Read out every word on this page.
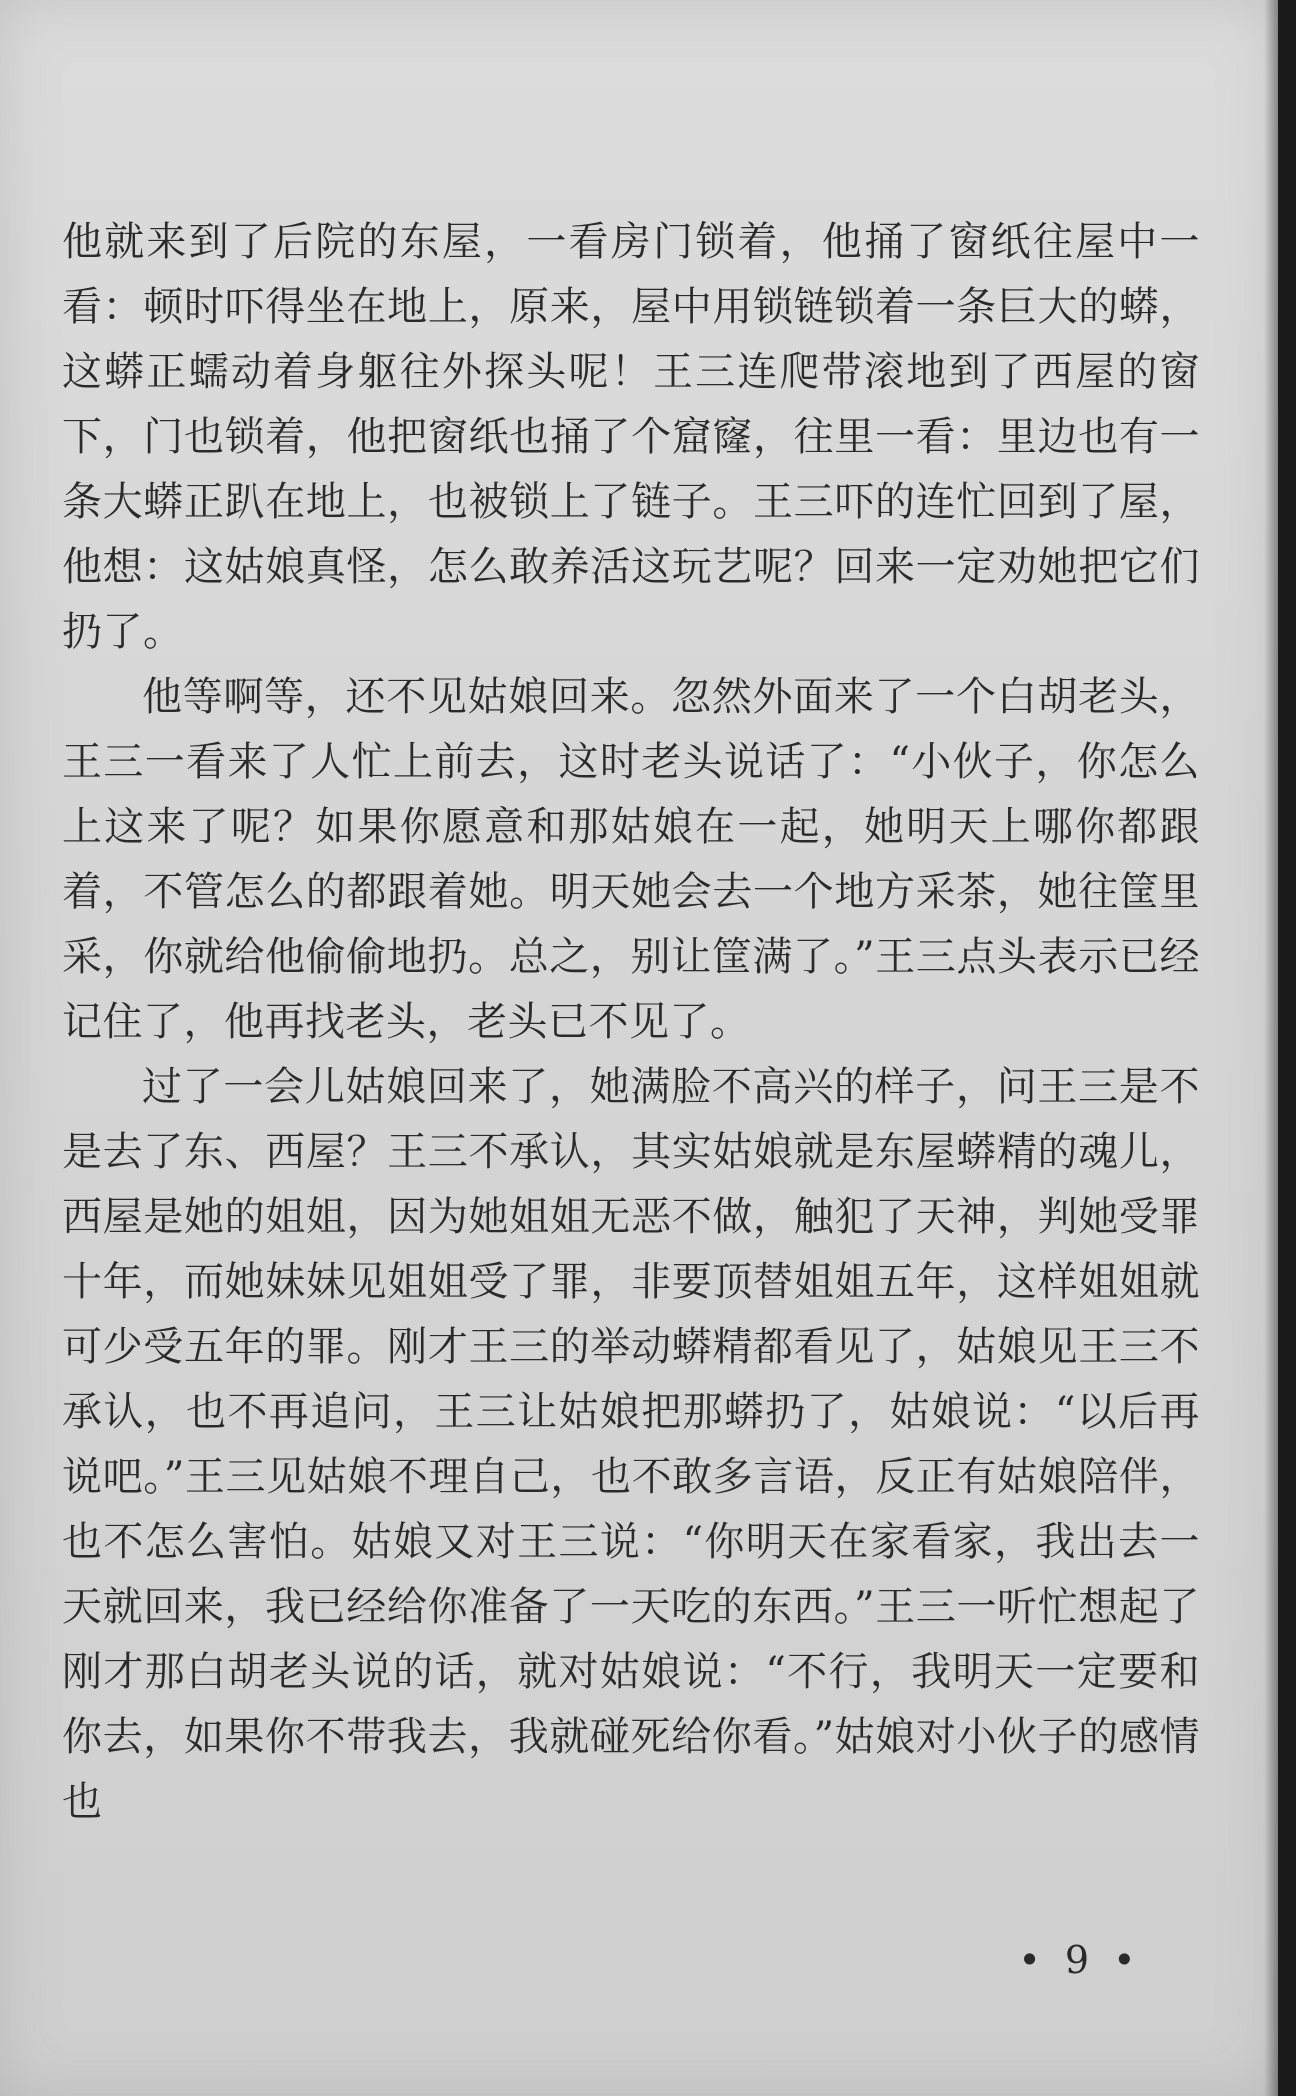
他就来到了后院的东屋，一看房门锁着，他捅了窗纸往屋中一看：顿时吓得坐在地上，原来，屋中用锁链锁着一条巨大的蟒，这蟒正蠕动着身躯往外探头呢！王三连爬带滚地到了西屋的窗下，门也锁着，他把窗纸也捅了个窟窿，往里一看：里边也有一条大蟒正趴在地上，也被锁上了链子。王三吓的连忙回到了屋，他想：这姑娘真怪，怎么敢养活这玩艺呢？回来一定劝她把它们扔了。

他等啊等，还不见姑娘回来。忽然外面来了一个白胡老头，王三一看来了人忙上前去，这时老头说话了：“小伙子，你怎么上这来了呢？如果你愿意和那姑娘在一起，她明天上哪你都跟着，不管怎么的都跟着她。明天她会去一个地方采茶，她往筐里采，你就给他偷偷地扔。总之，别让筐满了。”王三点头表示已经记住了，他再找老头，老头已不见了。

过了一会儿姑娘回来了，她满脸不高兴的样子，问王三是不是去了东、西屋？王三不承认，其实姑娘就是东屋蟒精的魂儿，西屋是她的姐姐，因为她姐姐无恶不做，触犯了天神，判她受罪十年，而她妹妹见姐姐受了罪，非要顶替姐姐五年，这样姐姐就可少受五年的罪。刚才王三的举动蟒精都看见了，姑娘见王三不承认，也不再追问，王三让姑娘把那蟒扔了，姑娘说：“以后再说吧。”王三见姑娘不理自己，也不敢多言语，反正有姑娘陪伴，也不怎么害怕。姑娘又对王三说：“你明天在家看家，我出去一天就回来，我已经给你准备了一天吃的东西。”王三一听忙想起了刚才那白胡老头说的话，就对姑娘说：“不行，我明天一定要和你去，如果你不带我去，我就碰死给你看。”姑娘对小伙子的感情也

• 9 •
